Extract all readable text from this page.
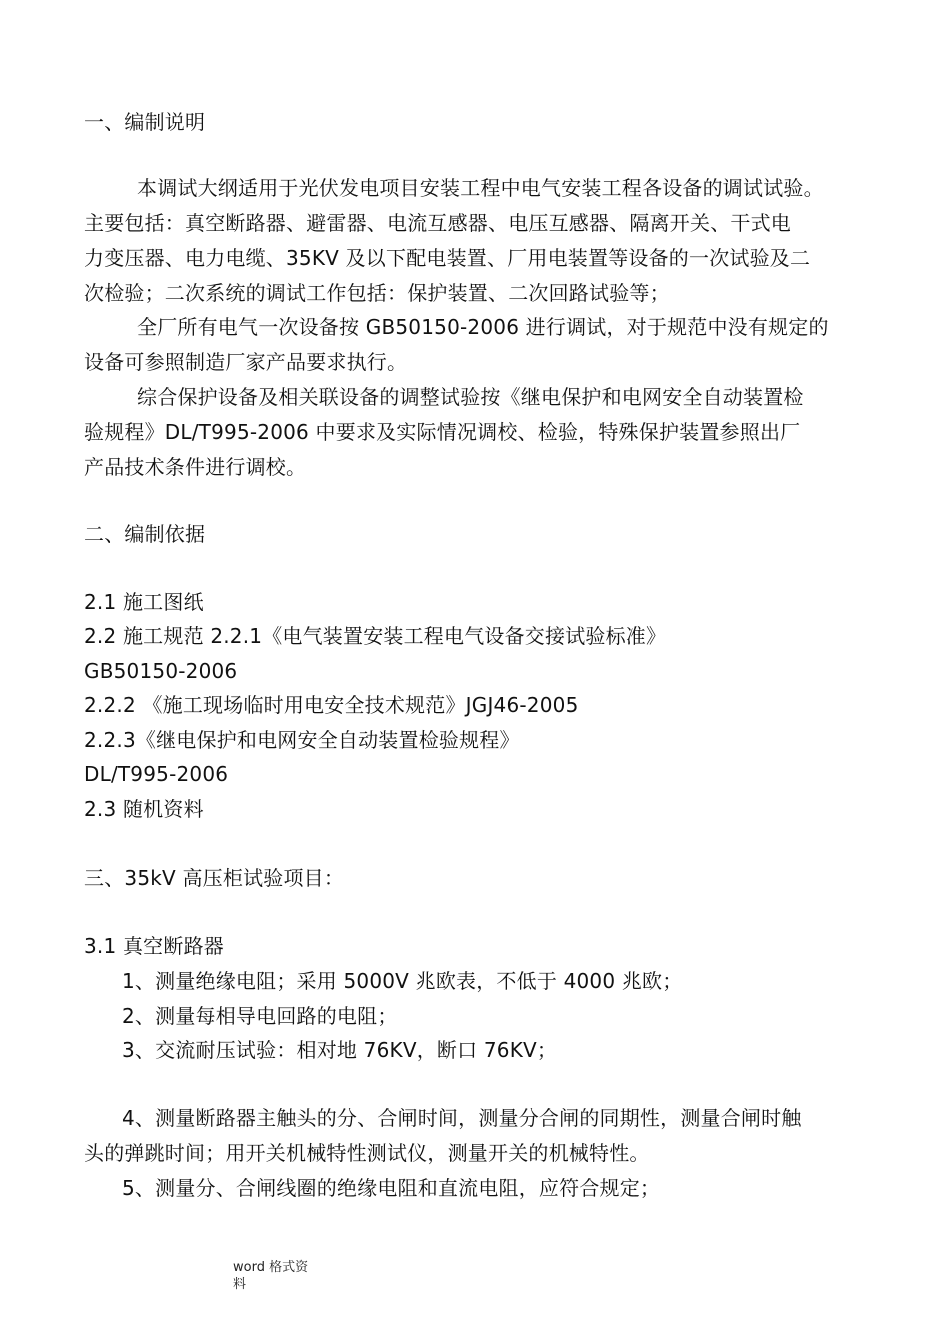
一、编制说明
本调试大纲适用于光伏发电项目安装工程中电气安装工程各设备的调试试验。
主要包括：真空断路器、避雷器、电流互感器、电压互感器、隔离开关、干式电
力变压器、电力电缆、35KV 及以下配电装置、厂用电装置等设备的一次试验及二
次检验；二次系统的调试工作包括：保护装置、二次回路试验等；
全厂所有电气一次设备按 GB50150-2006 进行调试，对于规范中没有规定的
设备可参照制造厂家产品要求执行。
综合保护设备及相关联设备的调整试验按《继电保护和电网安全自动装置检
验规程》DL/T995-2006 中要求及实际情况调校、检验，特殊保护装置参照出厂
产品技术条件进行调校。
二、编制依据
2.1 施工图纸
2.2 施工规范 2.2.1《电气装置安装工程电气设备交接试验标准》
GB50150-2006
2.2.2 《施工现场临时用电安全技术规范》JGJ46-2005
2.2.3《继电保护和电网安全自动装置检验规程》
DL/T995-2006
2.3 随机资料
三、35kV 高压柜试验项目：
3.1 真空断路器
1、测量绝缘电阻；采用 5000V 兆欧表，不低于 4000 兆欧；
2、测量每相导电回路的电阻；
3、交流耐压试验：相对地 76KV，断口 76KV；
4、测量断路器主触头的分、合闸时间，测量分合闸的同期性，测量合闸时触
头的弹跳时间；用开关机械特性测试仪，测量开关的机械特性。
5、测量分、合闸线圈的绝缘电阻和直流电阻，应符合规定；
word 格式资料
